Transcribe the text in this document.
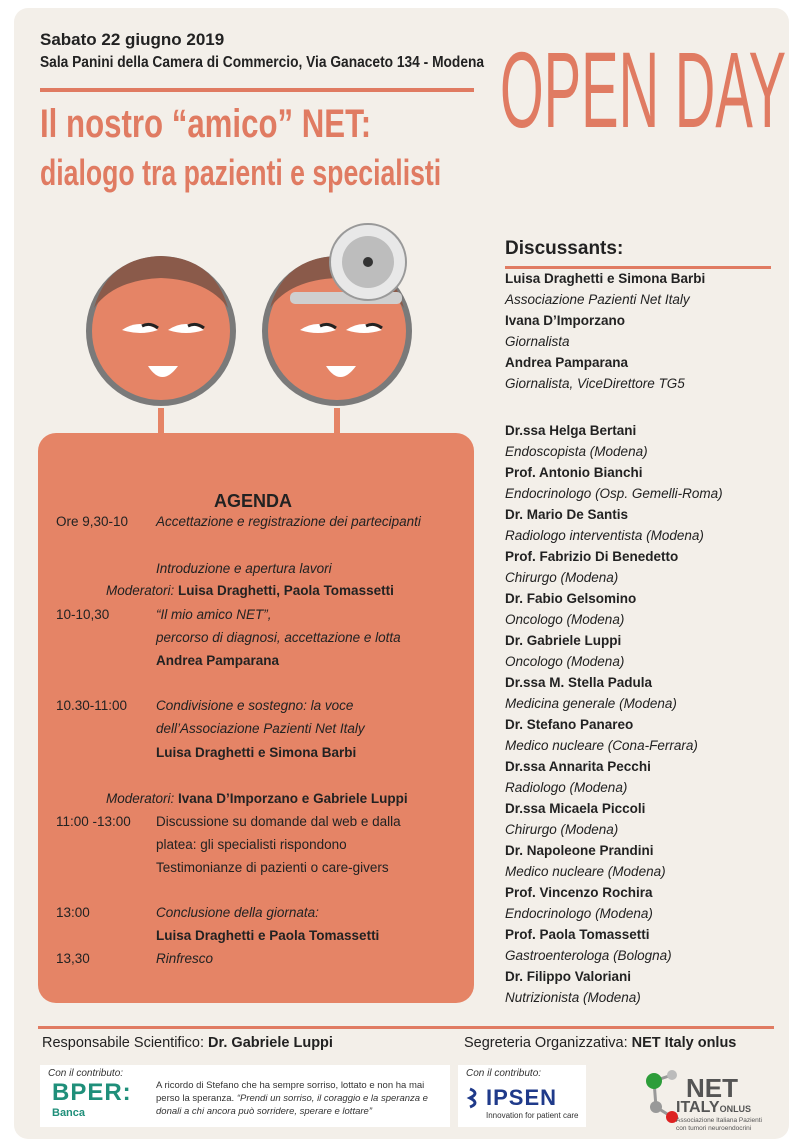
Sabato 22 giugno 2019
Sala Panini della Camera di Commercio, Via Ganaceto 134 - Modena
Il nostro “amico” NET:
dialogo tra pazienti e specialisti
OPEN DAY
AGENDA
Ore 9,30-10 Accettazione e registrazione dei partecipanti
Introduzione e apertura lavori
Moderatori: Luisa Draghetti, Paola Tomassetti
10-10,30	“Il mio amico NET”,
percorso di diagnosi, accettazione e lotta
Andrea Pamparana
10.30-11:00 Condivisione e sostegno: la voce
dell’Associazione Pazienti Net Italy
Luisa Draghetti e Simona Barbi
Moderatori: Ivana D’Imporzano e Gabriele Luppi
11:00 -13:00 Discussione su domande dal web e dalla
platea: gli specialisti rispondono
Testimonianze di pazienti o care-givers
13:00	Conclusione della giornata:
Luisa Draghetti e Paola Tomassetti
13,30	Rinfresco
Discussants:
Luisa Draghetti e Simona Barbi
Associazione Pazienti Net Italy
Ivana D’Imporzano
Giornalista
Andrea Pamparana
Giornalista, ViceDirettore TG5
Dr.ssa Helga Bertani
Endoscopista (Modena)
Prof. Antonio Bianchi
Endocrinologo (Osp. Gemelli-Roma)
Dr. Mario De Santis
Radiologo interventista (Modena)
Prof. Fabrizio Di Benedetto
Chirurgo (Modena)
Dr. Fabio Gelsomino
Oncologo (Modena)
Dr. Gabriele Luppi
Oncologo (Modena)
Dr.ssa M. Stella Padula
Medicina generale (Modena)
Dr. Stefano Panareo
Medico nucleare (Cona-Ferrara)
Dr.ssa Annarita Pecchi
Radiologo (Modena)
Dr.ssa Micaela Piccoli
Chirurgo (Modena)
Dr. Napoleone Prandini
Medico nucleare (Modena)
Prof. Vincenzo Rochira
Endocrinologo (Modena)
Prof. Paola Tomassetti
Gastroenterologa (Bologna)
Dr. Filippo Valoriani
Nutrizionista (Modena)
Responsabile Scientifico: Dr. Gabriele Luppi	Segreteria Organizzativa: NET Italy onlus
Con il contributo:
BPER:
Banca
A ricordo di Stefano che ha sempre sorriso, lottato e non ha mai perso la speranza. “Prendi un sorriso, il coraggio e la speranza e donali a chi ancora può sorridere, sperare e lottare”
Con il contributo:
IPSEN
Innovation for patient care
NET
ITALYONLUS
Associazione Italiana Pazienti con tumori neuroendocrini
